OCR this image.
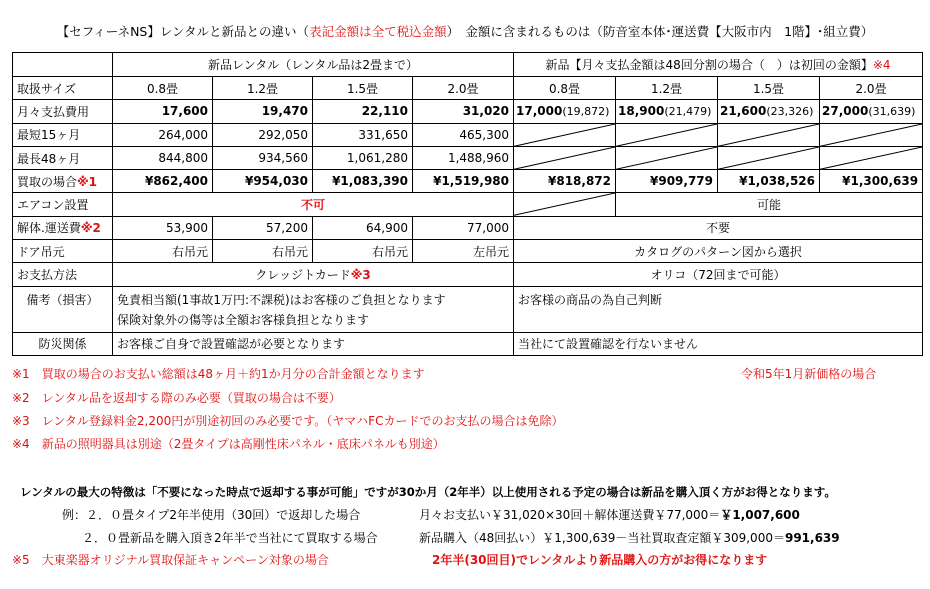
【セフィーネNS】レンタルと新品との違い（表記金額は全て税込金額）　金額に含まれるものは（防音室本体･運送費【大阪市内　1階】･組立費）
	新品レンタル（レンタル品は2畳まで）				新品【月々支払金額は48回分割の場合（　）は初回の金額】※4			
取扱サイズ	0.8畳	1.2畳	1.5畳	2.0畳	0.8畳	1.2畳	1.5畳	2.0畳
月々支払費用	17,600	19,470	22,110	31,020	17,000(19,872)	18,900(21,479)	21,600(23,326)	27,000(31,639)
最短15ヶ月	264,000	292,050	331,650	465,300	

最長48ヶ月	844,800	934,560	1,061,280	1,488,960	

買取の場合※1	¥862,400	¥954,030	¥1,083,390	¥1,519,980	¥818,872	¥909,779	¥1,038,526	¥1,300,639
エアコン設置	不可					可能		
解体.運送費※2	53,900	57,200	64,900	77,000	不要			
ドア吊元	右吊元	右吊元	右吊元	左吊元	カタログのパターン図から選択			
お支払方法	クレッジトカード※3				オリコ（72回まで可能）			
備考（損害）	免責相当額(1事故1万円:不課税)はお客様のご負担となります
保険対象外の傷等は全額お客様負担となります				お客様の商品の為自己判断			
防災関係	お客様ご自身で設置確認が必要となります				当社にて設置確認を行ないません			
※1　買取の場合のお支払い総額は48ヶ月＋約1か月分の合計金額となります	令和5年1月新価格の場合
※2　レンタル品を返却する際のみ必要（買取の場合は不要）
※3　レンタル登録料金2,200円が別途初回のみ必要です。（ヤマハFCカードでのお支払の場合は免除）
※4　新品の照明器具は別途（2畳タイプは高剛性床パネル・底床パネルも別途）
レンタルの最大の特徴は「不要になった時点で返却する事が可能」ですが30か月（2年半）以上使用される予定の場合は新品を購入頂く方がお得となります。
例：２．０畳タイプ2年半使用（30回）で返却した場合	月々お支払い￥31,020×30回＋解体運送費￥77,000＝￥1,007,600
２．０畳新品を購入頂き2年半で当社にて買取する場合	新品購入（48回払い）￥1,300,639－当社買取査定額￥309,000＝991,639
※5　大東楽器オリジナル買取保証キャンペーン対象の場合	2年半(30回目)でレンタルより新品購入の方がお得になります
